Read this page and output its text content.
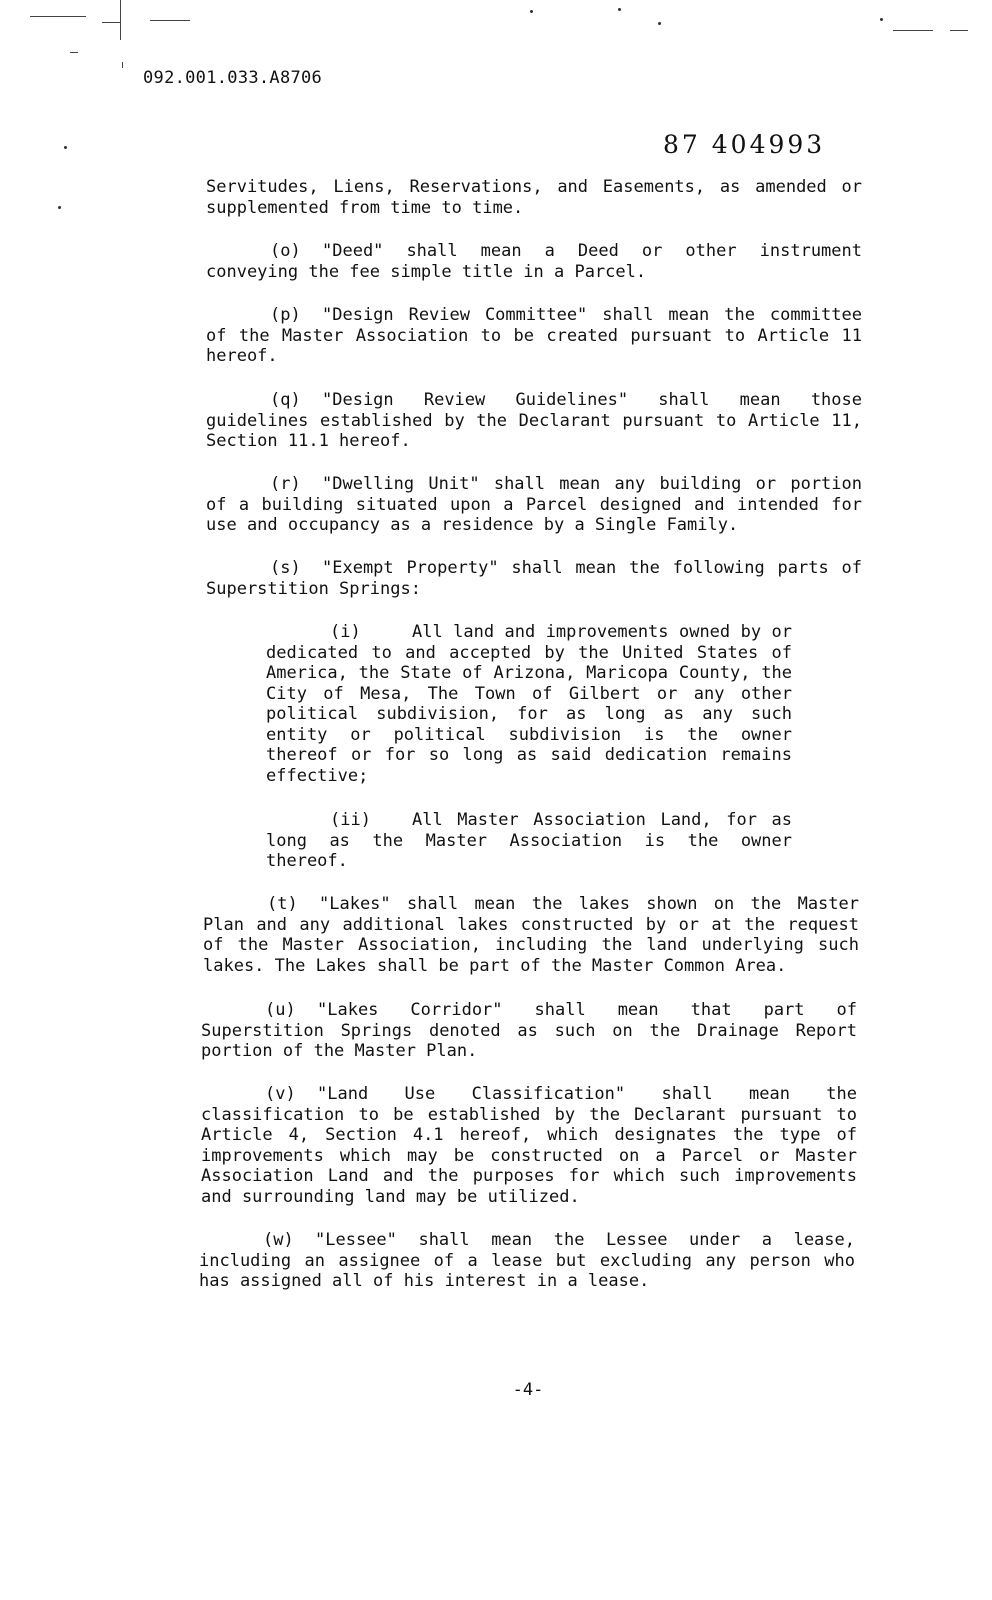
092.001.033.A8706
87 404993

Servitudes, Liens, Reservations, and Easements, as amended or supplemented from time to time.

(o) "Deed" shall mean a Deed or other instrument conveying the fee simple title in a Parcel.

(p) "Design Review Committee" shall mean the committee of the Master Association to be created pursuant to Article 11 hereof.

(q) "Design Review Guidelines" shall mean those guidelines established by the Declarant pursuant to Article 11, Section 11.1 hereof.

(r) "Dwelling Unit" shall mean any building or portion of a building situated upon a Parcel designed and intended for use and occupancy as a residence by a Single Family.

(s) "Exempt Property" shall mean the following parts of Superstition Springs:

(i)	All land and improvements owned by or dedicated to and accepted by the United States of America, the State of Arizona, Maricopa County, the City of Mesa, The Town of Gilbert or any other political subdivision, for as long as any such entity or political subdivision is the owner thereof or for so long as said dedication remains effective;

(ii) All Master Association Land, for as long as the Master Association is the owner thereof.

(t) "Lakes" shall mean the lakes shown on the Master Plan and any additional lakes constructed by or at the request of the Master Association, including the land underlying such lakes. The Lakes shall be part of the Master Common Area.

(u) "Lakes Corridor" shall mean that part of Superstition Springs denoted as such on the Drainage Report portion of the Master Plan.

(v) "Land Use Classification" shall mean the classification to be established by the Declarant pursuant to Article 4, Section 4.1 hereof, which designates the type of improvements which may be constructed on a Parcel or Master Association Land and the purposes for which such improvements and surrounding land may be utilized.

(w) "Lessee" shall mean the Lessee under a lease, including an assignee of a lease but excluding any person who has assigned all of his interest in a lease.

-4-
